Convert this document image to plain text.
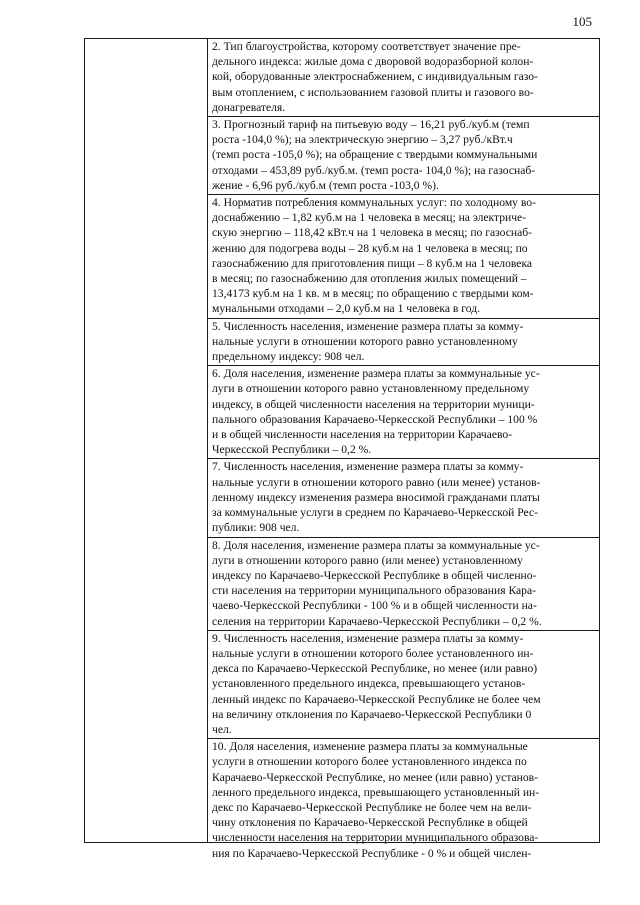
105
2. Тип благоустройства, которому соответствует значение пре-
дельного индекса: жилые дома с дворовой водоразборной колон-
кой, оборудованные электроснабжением, с индивидуальным газо-
вым отоплением, с использованием газовой плиты и газового во-
донагревателя.
3. Прогнозный тариф на питьевую воду – 16,21 руб./куб.м (темп
роста -104,0 %); на электрическую энергию – 3,27 руб./кВт.ч
(темп роста -105,0 %); на обращение с твердыми коммунальными
отходами – 453,89 руб./куб.м. (темп роста- 104,0 %); на газоснаб-
жение - 6,96 руб./куб.м (темп роста -103,0 %).
4. Норматив потребления коммунальных услуг: по холодному во-
доснабжению – 1,82 куб.м на 1 человека в месяц; на электриче-
скую энергию – 118,42 кВт.ч на 1 человека в месяц; по газоснаб-
жению для подогрева воды – 28 куб.м на 1 человека в месяц; по
газоснабжению для приготовления пищи – 8 куб.м на 1 человека
в месяц; по газоснабжению для отопления жилых помещений –
13,4173 куб.м на 1 кв. м в месяц; по обращению с твердыми ком-
мунальными отходами – 2,0 куб.м на 1 человека в год.
5. Численность населения, изменение размера платы за комму-
нальные услуги в отношении которого равно установленному
предельному индексу: 908 чел.
6. Доля населения, изменение размера платы за коммунальные ус-
луги в отношении которого равно установленному предельному
индексу, в общей численности населения на территории муници-
пального образования Карачаево-Черкесской Республики – 100 %
и в общей численности населения на территории Карачаево-
Черкесской Республики – 0,2 %.
7. Численность населения, изменение размера платы за комму-
нальные услуги в отношении которого равно (или менее) установ-
ленному индексу изменения размера вносимой гражданами платы
за коммунальные услуги в среднем по Карачаево-Черкесской Рес-
публики: 908 чел.
8. Доля населения, изменение размера платы за коммунальные ус-
луги в отношении которого равно (или менее) установленному
индексу по Карачаево-Черкесской Республике в общей численно-
сти населения на территории муниципального образования Кара-
чаево-Черкесской Республики - 100 % и в общей численности на-
селения на территории Карачаево-Черкесской Республики – 0,2 %.
9. Численность населения, изменение размера платы за комму-
нальные услуги в отношении которого более установленного ин-
декса по Карачаево-Черкесской Республике, но менее (или равно)
установленного предельного индекса, превышающего установ-
ленный индекс по Карачаево-Черкесской Республике не более чем
на величину отклонения по Карачаево-Черкесской Республики 0
чел.
10. Доля населения, изменение размера платы за коммунальные
услуги в отношении которого более установленного индекса по
Карачаево-Черкесской Республике, но менее (или равно) установ-
ленного предельного индекса, превышающего установленный ин-
декс по Карачаево-Черкесской Республике не более чем на вели-
чину отклонения по Карачаево-Черкесской Республике в общей
численности населения на территории муниципального образова-
ния по Карачаево-Черкесской Республике - 0 % и общей числен-
